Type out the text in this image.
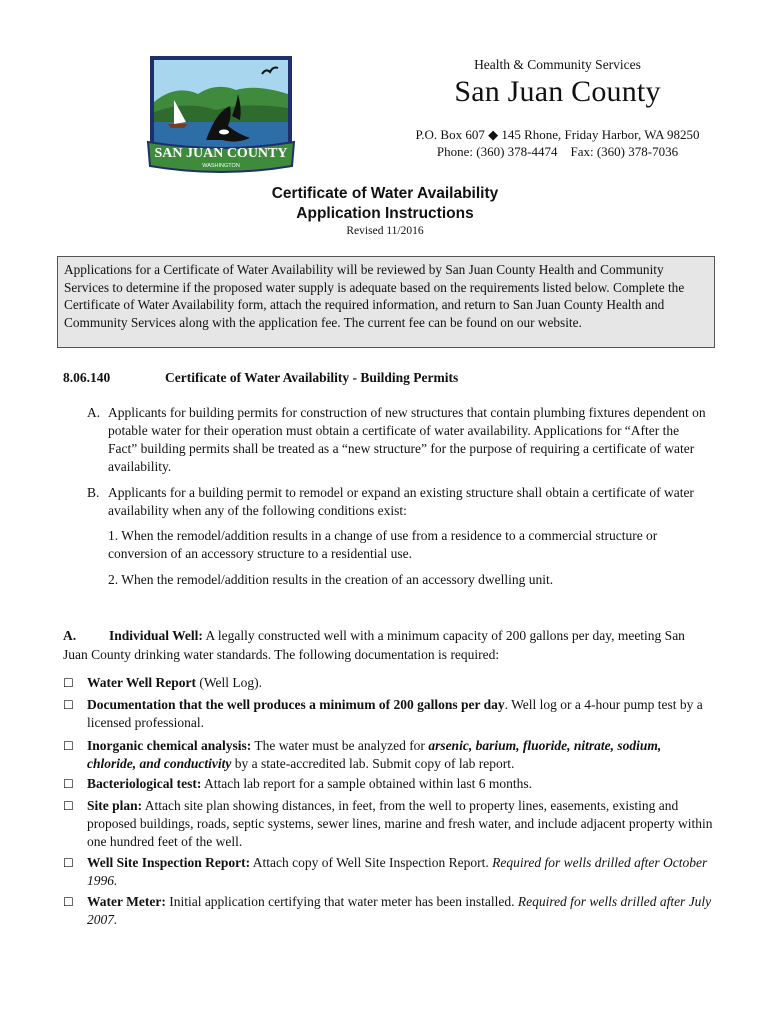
SAN JUAN COUNTY
WASHINGTON
Health & Community Services
San Juan County
P.O. Box 607 ◆ 145 Rhone, Friday Harbor, WA 98250
Phone: (360) 378-4474    Fax: (360) 378-7036
Certificate of Water Availability
Application Instructions
Revised 11/2016
Applications for a Certificate of Water Availability will be reviewed by San Juan County Health and Community Services to determine if the proposed water supply is adequate based on the requirements listed below. Complete the Certificate of Water Availability form, attach the required information, and return to San Juan County Health and Community Services along with the application fee. The current fee can be found on our website.
8.06.140	Certificate of Water Availability - Building Permits
A. Applicants for building permits for construction of new structures that contain plumbing fixtures dependent on potable water for their operation must obtain a certificate of water availability. Applications for “After the Fact” building permits shall be treated as a “new structure” for the purpose of requiring a certificate of water availability.
B. Applicants for a building permit to remodel or expand an existing structure shall obtain a certificate of water availability when any of the following conditions exist:
1. When the remodel/addition results in a change of use from a residence to a commercial structure or conversion of an accessory structure to a residential use.
2. When the remodel/addition results in the creation of an accessory dwelling unit.
A. Individual Well: A legally constructed well with a minimum capacity of 200 gallons per day, meeting San Juan County drinking water standards. The following documentation is required:
☐ Water Well Report (Well Log).
☐ Documentation that the well produces a minimum of 200 gallons per day. Well log or a 4-hour pump test by a licensed professional.
☐ Inorganic chemical analysis: The water must be analyzed for arsenic, barium, fluoride, nitrate, sodium, chloride, and conductivity by a state-accredited lab. Submit copy of lab report.
☐ Bacteriological test: Attach lab report for a sample obtained within last 6 months.
☐ Site plan: Attach site plan showing distances, in feet, from the well to property lines, easements, existing and proposed buildings, roads, septic systems, sewer lines, marine and fresh water, and include adjacent property within one hundred feet of the well.
☐ Well Site Inspection Report: Attach copy of Well Site Inspection Report. Required for wells drilled after October 1996.
☐ Water Meter: Initial application certifying that water meter has been installed. Required for wells drilled after July 2007.
